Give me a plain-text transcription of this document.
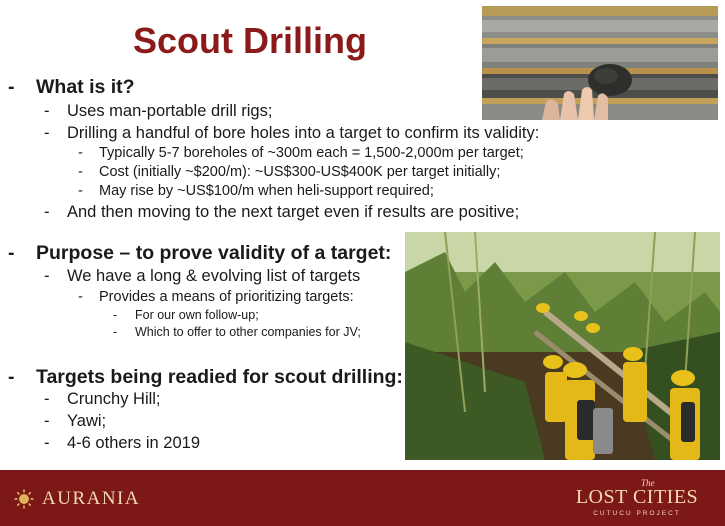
Scout Drilling
- What is it?
- Uses man-portable drill rigs;
- Drilling a handful of bore holes into a target to confirm its validity:
- Typically 5-7 boreholes of ~300m each = 1,500-2,000m per target;
- Cost (initially ~$200/m): ~US$300-US$400K per target initially;
- May rise by ~US$100/m when heli-support required;
- And then moving to the next target even if results are positive;
- Purpose – to prove validity of a target:
- We have a long & evolving list of targets
- Provides a means of prioritizing targets:
- For our own follow-up;
- Which to offer to other companies for JV;
- Targets being readied for scout drilling:
- Crunchy Hill;
- Yawi;
- 4-6 others in 2019
AURANIA
The
LOST CITIES
CUTUCU PROJECT
